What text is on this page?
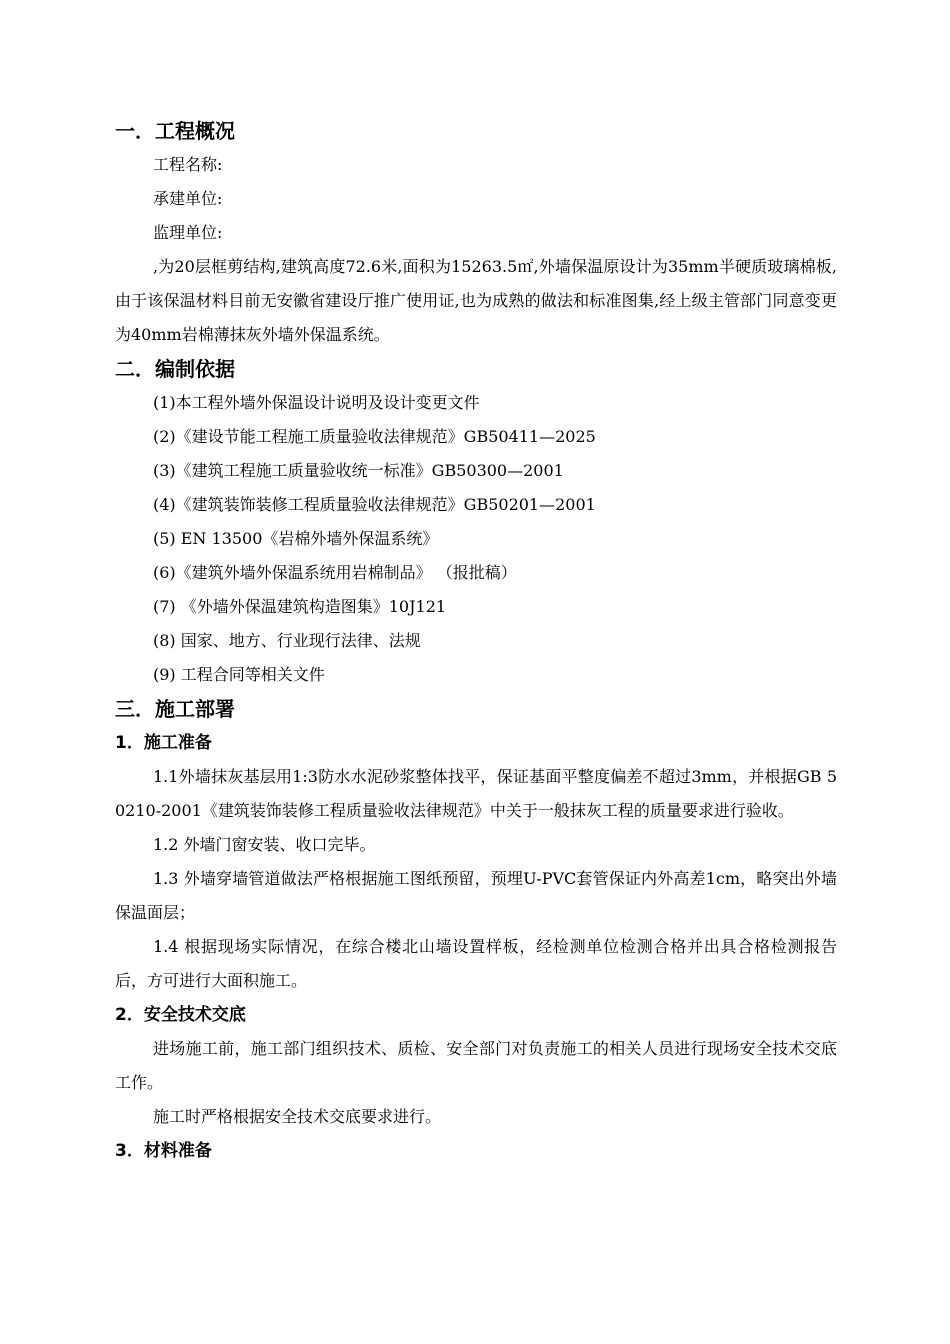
一．工程概况
工程名称:
承建单位:
监理单位:

,为20层框剪结构,建筑高度72.6米,面积为15263.5㎡,外墙保温原设计为35mm半硬质玻璃棉板,由于该保温材料目前无安徽省建设厅推广使用证,也为成熟的做法和标准图集,经上级主管部门同意变更为40mm岩棉薄抹灰外墙外保温系统。

二．编制依据
(1)本工程外墙外保温设计说明及设计变更文件
(2)《建设节能工程施工质量验收法律规范》GB50411—2025
(3)《建筑工程施工质量验收统一标准》GB50300—2001
(4)《建筑装饰装修工程质量验收法律规范》GB50201—2001
(5) EN 13500《岩棉外墙外保温系统》
(6)《建筑外墙外保温系统用岩棉制品》 （报批稿）
(7) 《外墙外保温建筑构造图集》10J121
(8) 国家、地方、行业现行法律、法规
(9) 工程合同等相关文件
三．施工部署
1．施工准备

1.1外墙抹灰基层用1:3防水水泥砂浆整体找平，保证基面平整度偏差不超过3mm，并根据GB 50210-2001《建筑装饰装修工程质量验收法律规范》中关于一般抹灰工程的质量要求进行验收。

1.2 外墙门窗安装、收口完毕。

1.3 外墙穿墙管道做法严格根据施工图纸预留，预埋U-PVC套管保证内外高差1cm，略突出外墙保温面层；

1.4 根据现场实际情况，在综合楼北山墙设置样板，经检测单位检测合格并出具合格检测报告后，方可进行大面积施工。

2．安全技术交底

进场施工前，施工部门组织技术、质检、安全部门对负责施工的相关人员进行现场安全技术交底工作。

施工时严格根据安全技术交底要求进行。

3．材料准备
